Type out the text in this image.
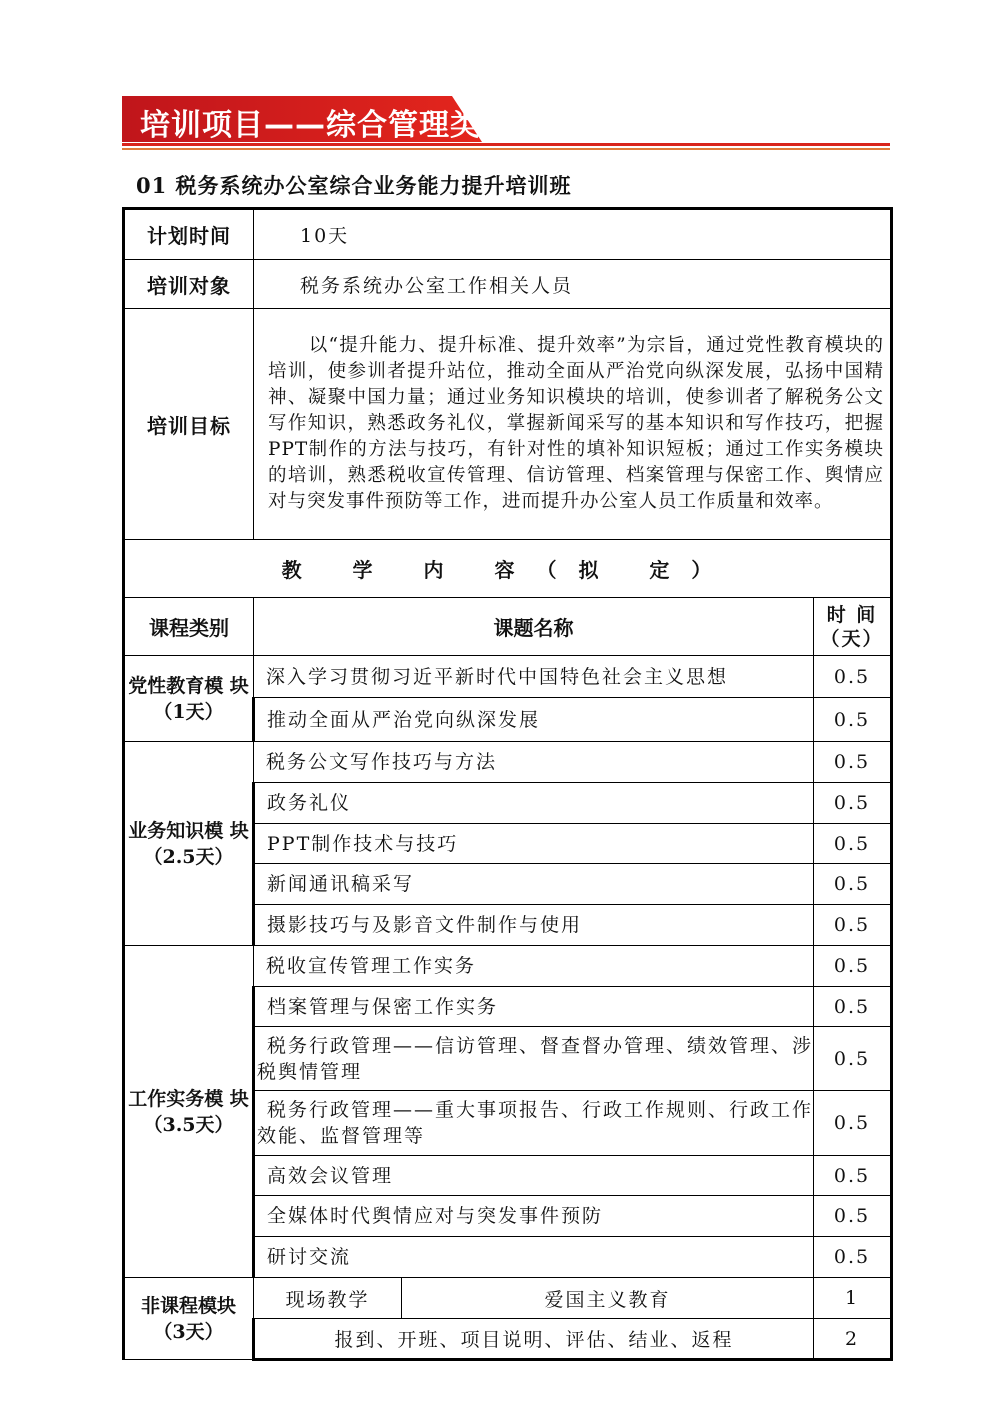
培训项目——综合管理类
01 税务系统办公室综合业务能力提升培训班
计划时间	10天		
培训对象	税务系统办公室工作相关人员		
培训目标	以“提升能力、提升标准、提升效率”为宗旨，通过党性教育模块的培训，使参训者提升站位，推动全面从严治党向纵深发展，弘扬中国精神、凝聚中国力量；通过业务知识模块的培训，使参训者了解税务公文写作知识，熟悉政务礼仪，掌握新闻采写的基本知识和写作技巧，把握PPT制作的方法与技巧，有针对性的填补知识短板；通过工作实务模块的培训，熟悉税收宣传管理、信访管理、档案管理与保密工作、舆情应对与突发事件预防等工作，进而提升办公室人员工作质量和效率。		
教 学 内 容（拟 定）			
课程类别	课题名称		时 间（天）
党性教育模 块（1天）	深入学习贯彻习近平新时代中国特色社会主义思想		0.5
	推动全面从严治党向纵深发展		0.5
业务知识模 块（2.5天）	税务公文写作技巧与方法		0.5
	政务礼仪		0.5
	PPT制作技术与技巧		0.5
	新闻通讯稿采写		0.5
	摄影技巧与及影音文件制作与使用		0.5
工作实务模 块（3.5天）	税收宣传管理工作实务		0.5
	档案管理与保密工作实务		0.5
	税务行政管理——信访管理、督查督办管理、绩效管理、涉税舆情管理		0.5
	税务行政管理——重大事项报告、行政工作规则、行政工作效能、监督管理等		0.5
	高效会议管理		0.5
	全媒体时代舆情应对与突发事件预防		0.5
	研讨交流		0.5
非课程模块（3天）	现场教学	爱国主义教育	1
	报到、开班、项目说明、评估、结业、返程		2
